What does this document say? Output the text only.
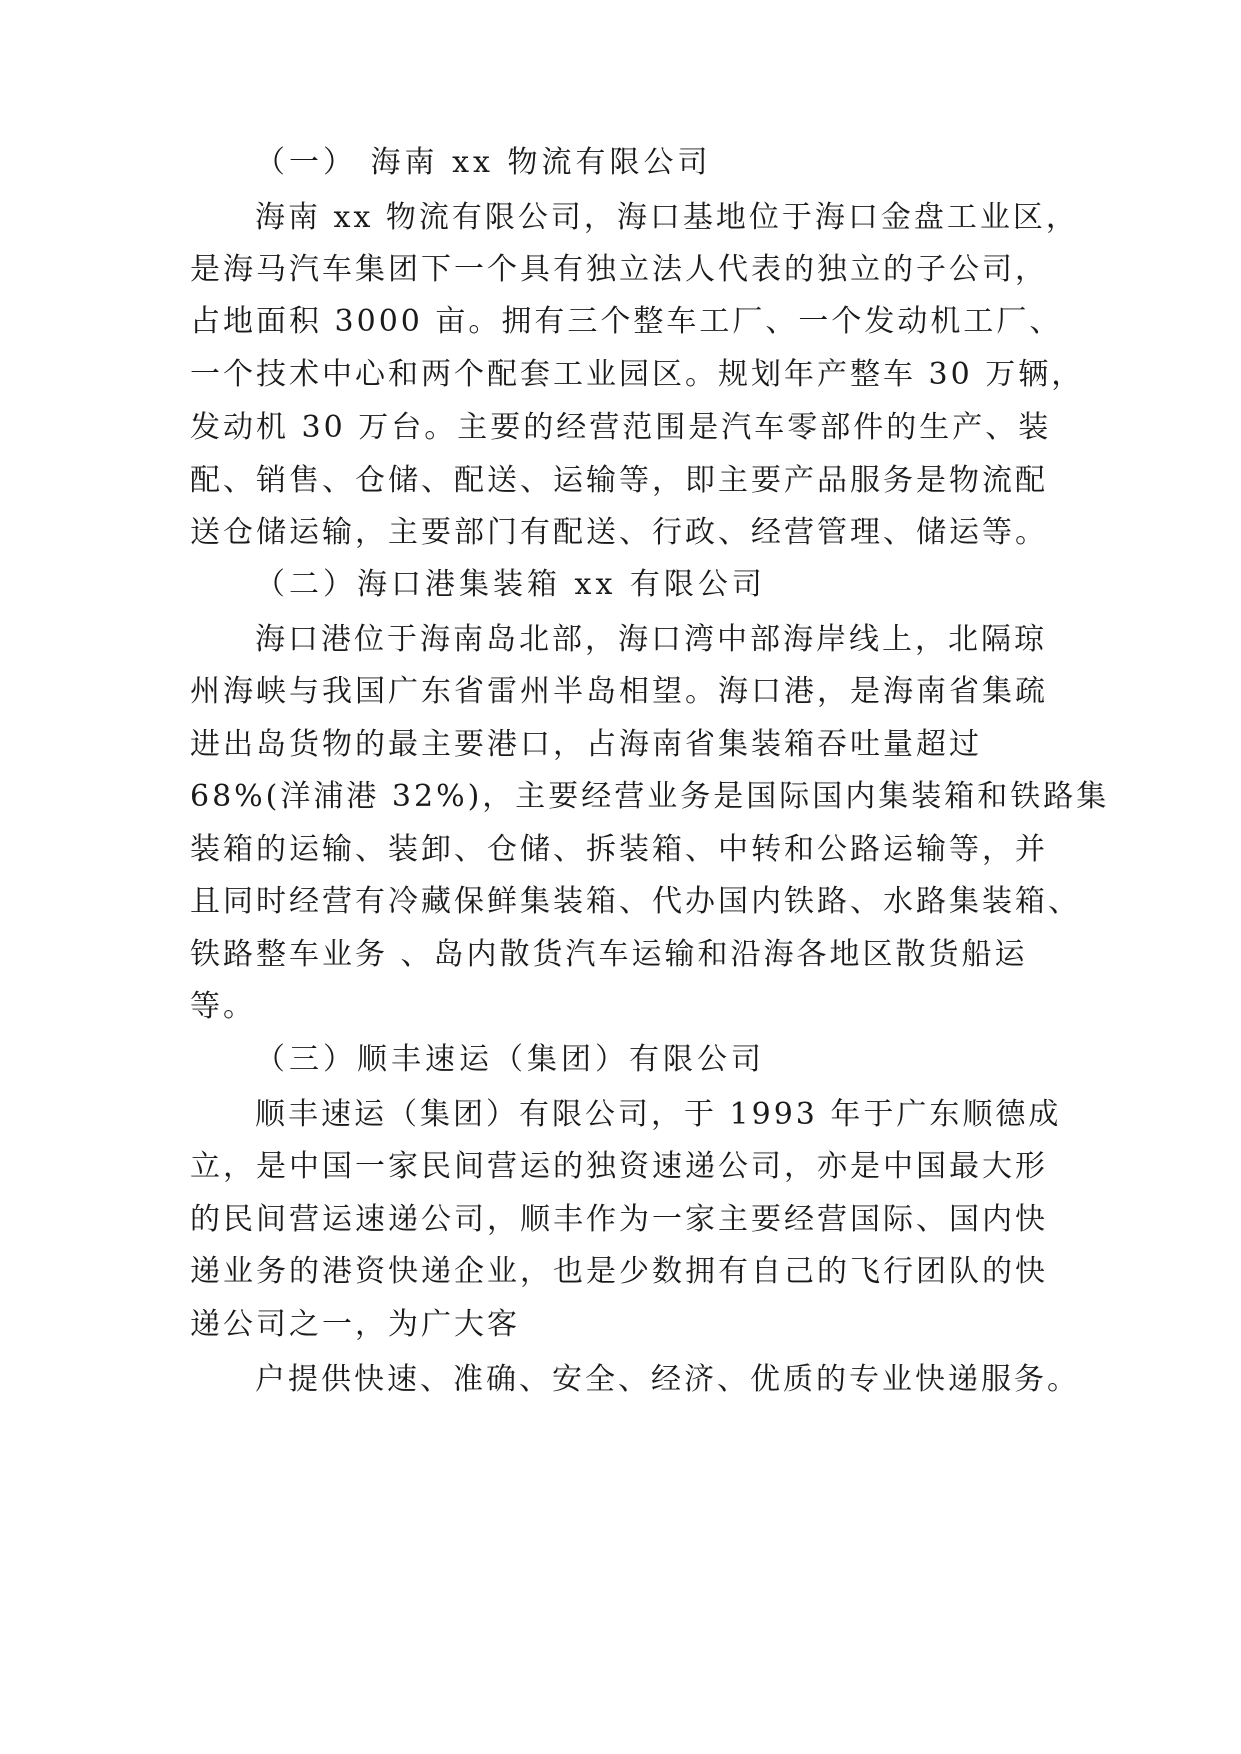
（一） 海南 xx 物流有限公司
海南 xx 物流有限公司，海口基地位于海口金盘工业区，
是海马汽车集团下一个具有独立法人代表的独立的子公司，
占地面积 3000 亩。拥有三个整车工厂、一个发动机工厂、
一个技术中心和两个配套工业园区。规划年产整车 30 万辆，
发动机 30 万台。主要的经营范围是汽车零部件的生产、装
配、销售、仓储、配送、运输等，即主要产品服务是物流配
送仓储运输，主要部门有配送、行政、经营管理、储运等。
（二）海口港集装箱 xx 有限公司
海口港位于海南岛北部，海口湾中部海岸线上，北隔琼
州海峡与我国广东省雷州半岛相望。海口港，是海南省集疏
进出岛货物的最主要港口，占海南省集装箱吞吐量超过
68%(洋浦港 32%)，主要经营业务是国际国内集装箱和铁路集
装箱的运输、装卸、仓储、拆装箱、中转和公路运输等，并
且同时经营有冷藏保鲜集装箱、代办国内铁路、水路集装箱、
铁路整车业务 、岛内散货汽车运输和沿海各地区散货船运
等。
（三）顺丰速运（集团）有限公司
顺丰速运（集团）有限公司，于 1993 年于广东顺德成
立，是中国一家民间营运的独资速递公司，亦是中国最大形
的民间营运速递公司，顺丰作为一家主要经营国际、国内快
递业务的港资快递企业，也是少数拥有自己的飞行团队的快
递公司之一，为广大客
户提供快速、准确、安全、经济、优质的专业快递服务。
